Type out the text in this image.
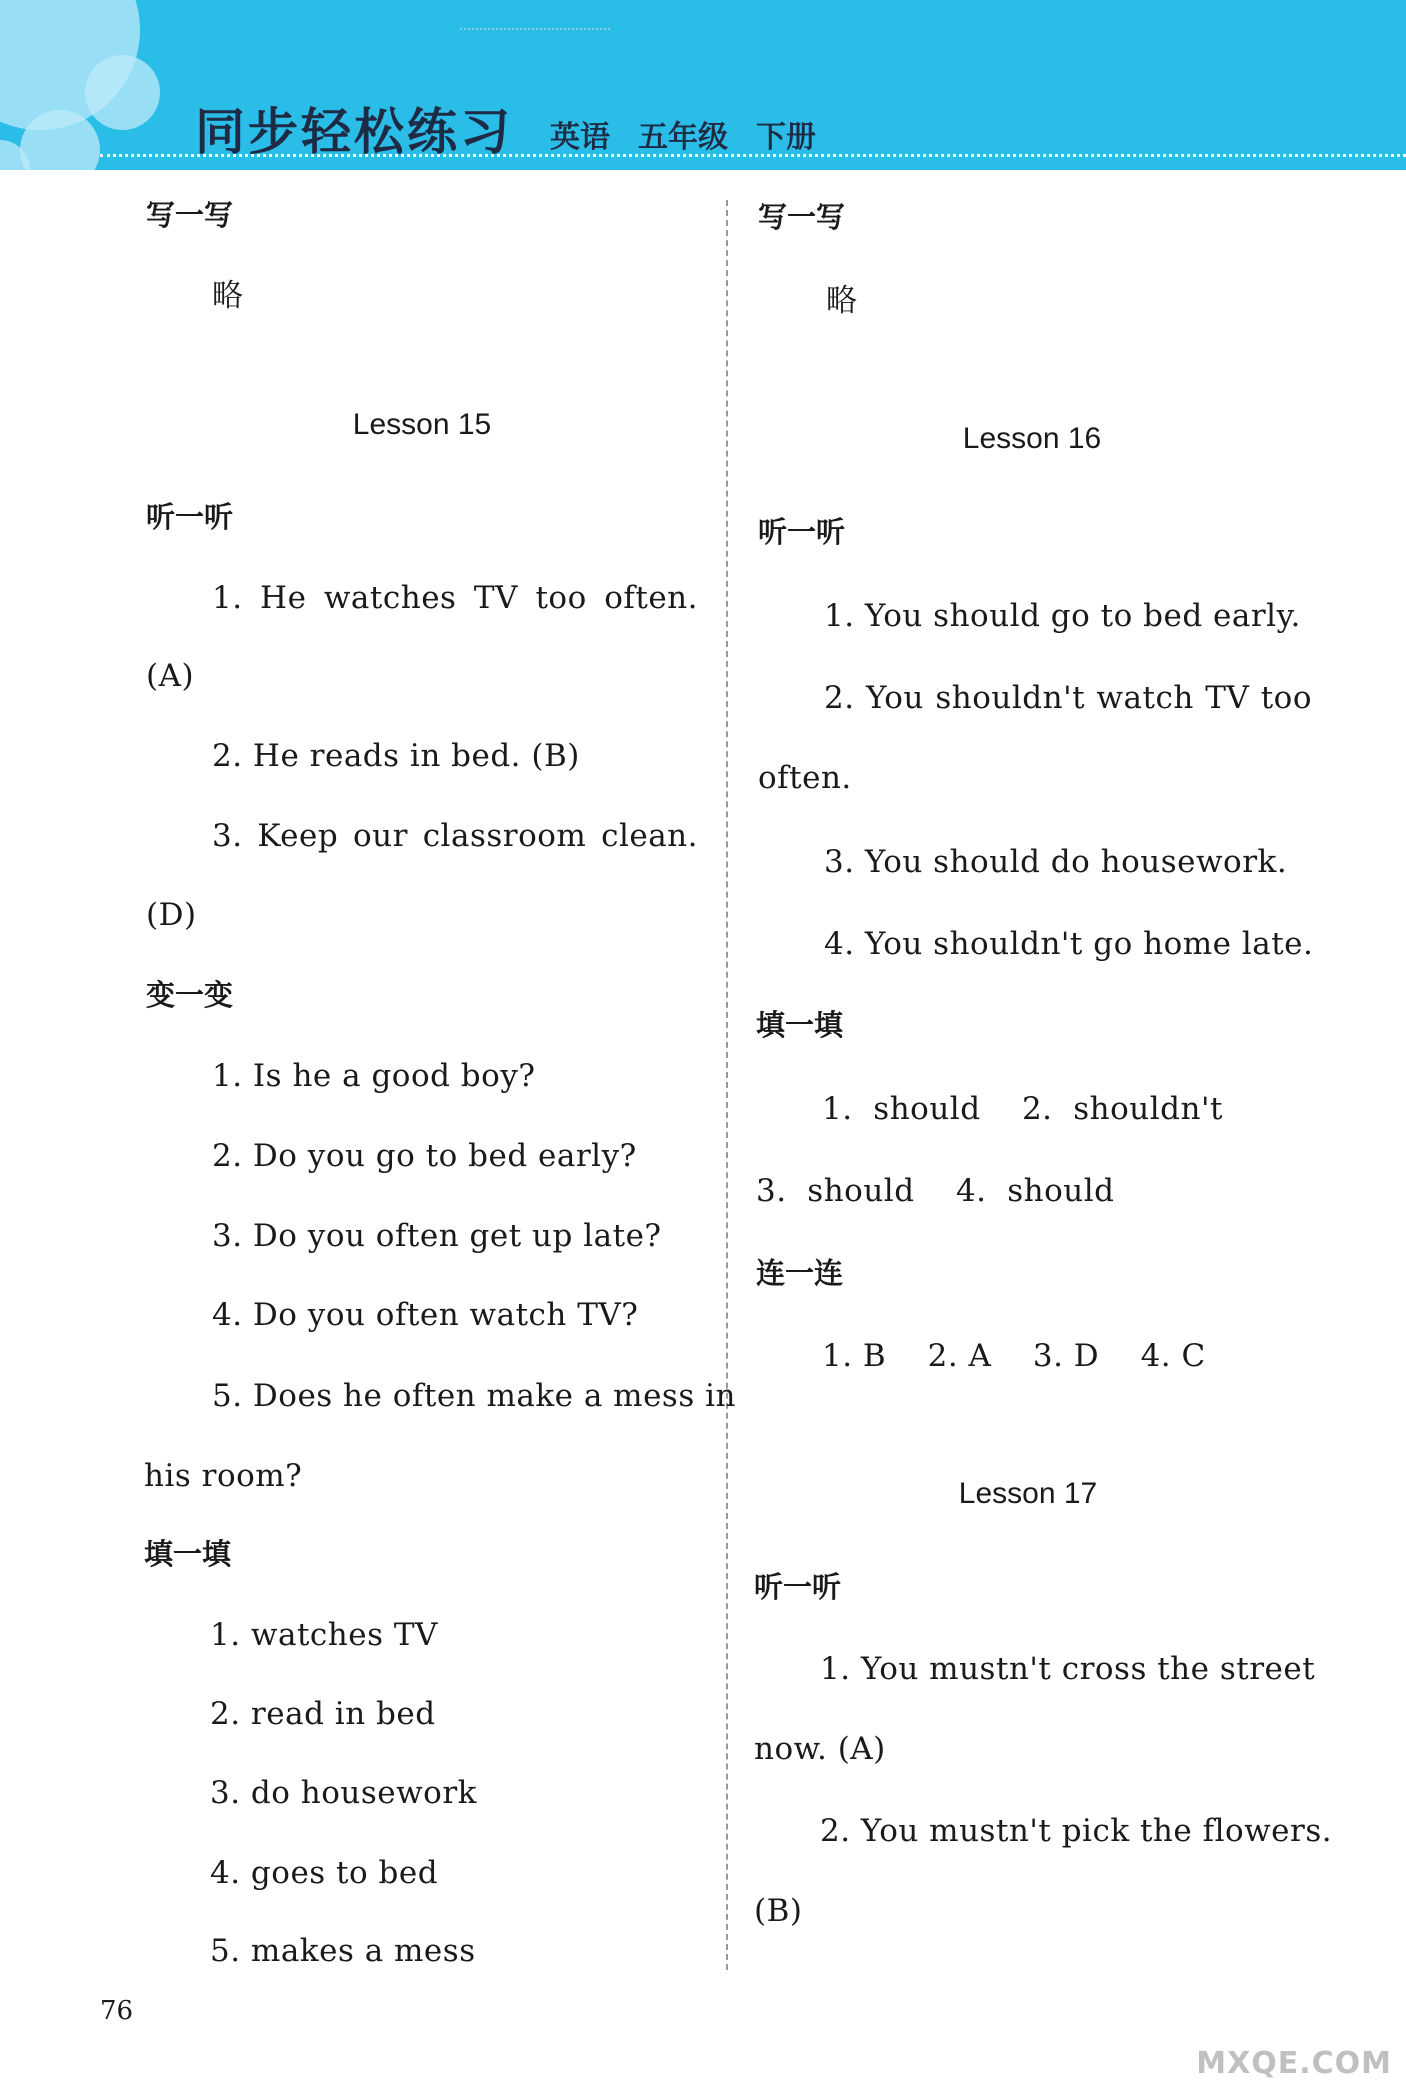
同步轻松练习 英语 五年级 下册
写一写
略
Lesson 15
听一听
1. He watches TV too often.
(A)
2. He reads in bed. (B)
3. Keep our classroom clean.
(D)
变一变
1. Is he a good boy?
2. Do you go to bed early?
3. Do you often get up late?
4. Do you often watch TV?
5. Does he often make a mess in
his room?
填一填
1. watches TV
2. read in bed
3. do housework
4. goes to bed
5. makes a mess
写一写
略
Lesson 16
听一听
1. You should go to bed early.
2. You shouldn't watch TV too
often.
3. You should do housework.
4. You shouldn't go home late.
填一填
1.  should    2.  shouldn't
3.  should    4.  should
连一连
1. B    2. A    3. D    4. C
Lesson 17
听一听
1. You mustn't cross the street
now. (A)
2. You mustn't pick the flowers.
(B)
76
MXQE.COM
